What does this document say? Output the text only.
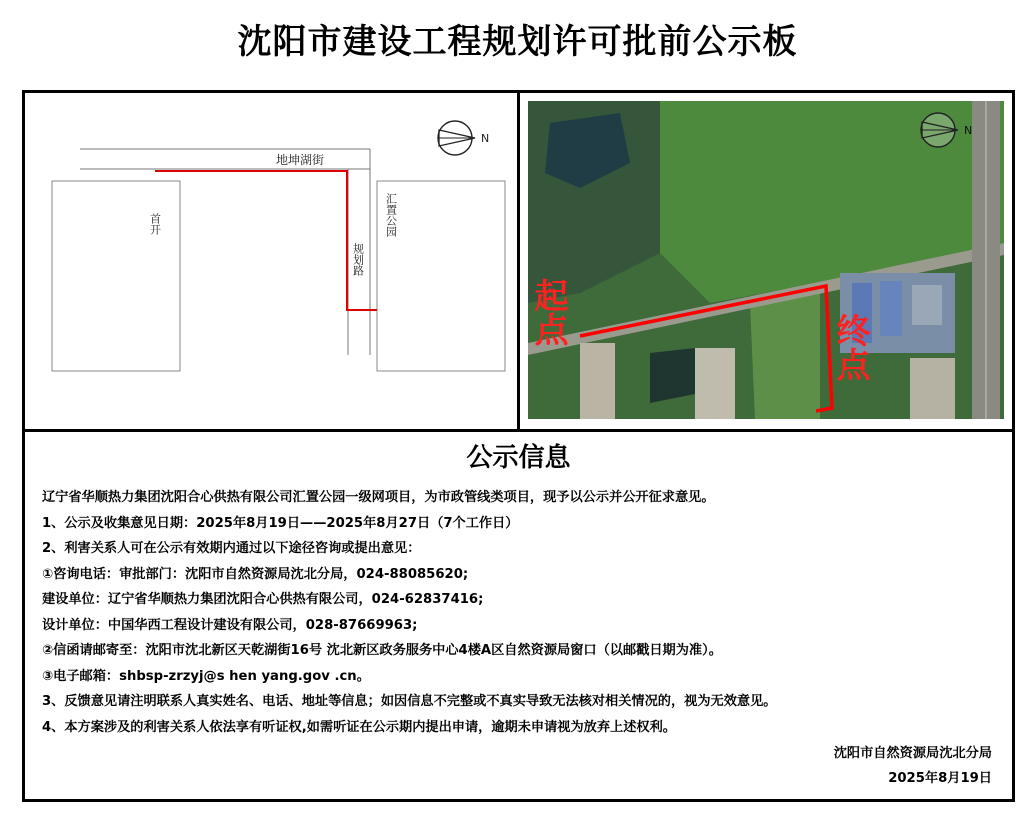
沈阳市建设工程规划许可批前公示板
地坤湖街
首开	汇置公园
规划路
N
起点
终点
N
公示信息
辽宁省华顺热力集团沈阳合心供热有限公司汇置公园一级网项目，为市政管线类项目，现予以公示并公开征求意见。
1、公示及收集意见日期：2025年8月19日——2025年8月27日（7个工作日）
2、利害关系人可在公示有效期内通过以下途径咨询或提出意见：
①咨询电话：审批部门：沈阳市自然资源局沈北分局，024-88085620;
建设单位：辽宁省华顺热力集团沈阳合心供热有限公司，024-62837416;
设计单位：中国华西工程设计建设有限公司，028-87669963;
②信函请邮寄至：沈阳市沈北新区天乾湖街16号 沈北新区政务服务中心4楼A区自然资源局窗口（以邮戳日期为准）。
③电子邮箱：shbsp-zrzyj@s hen yang.gov .cn。
3、反馈意见请注明联系人真实姓名、电话、地址等信息；如因信息不完整或不真实导致无法核对相关情况的，视为无效意见。
4、本方案涉及的利害关系人依法享有听证权,如需听证在公示期内提出申请，逾期未申请视为放弃上述权利。
沈阳市自然资源局沈北分局
2025年8月19日
